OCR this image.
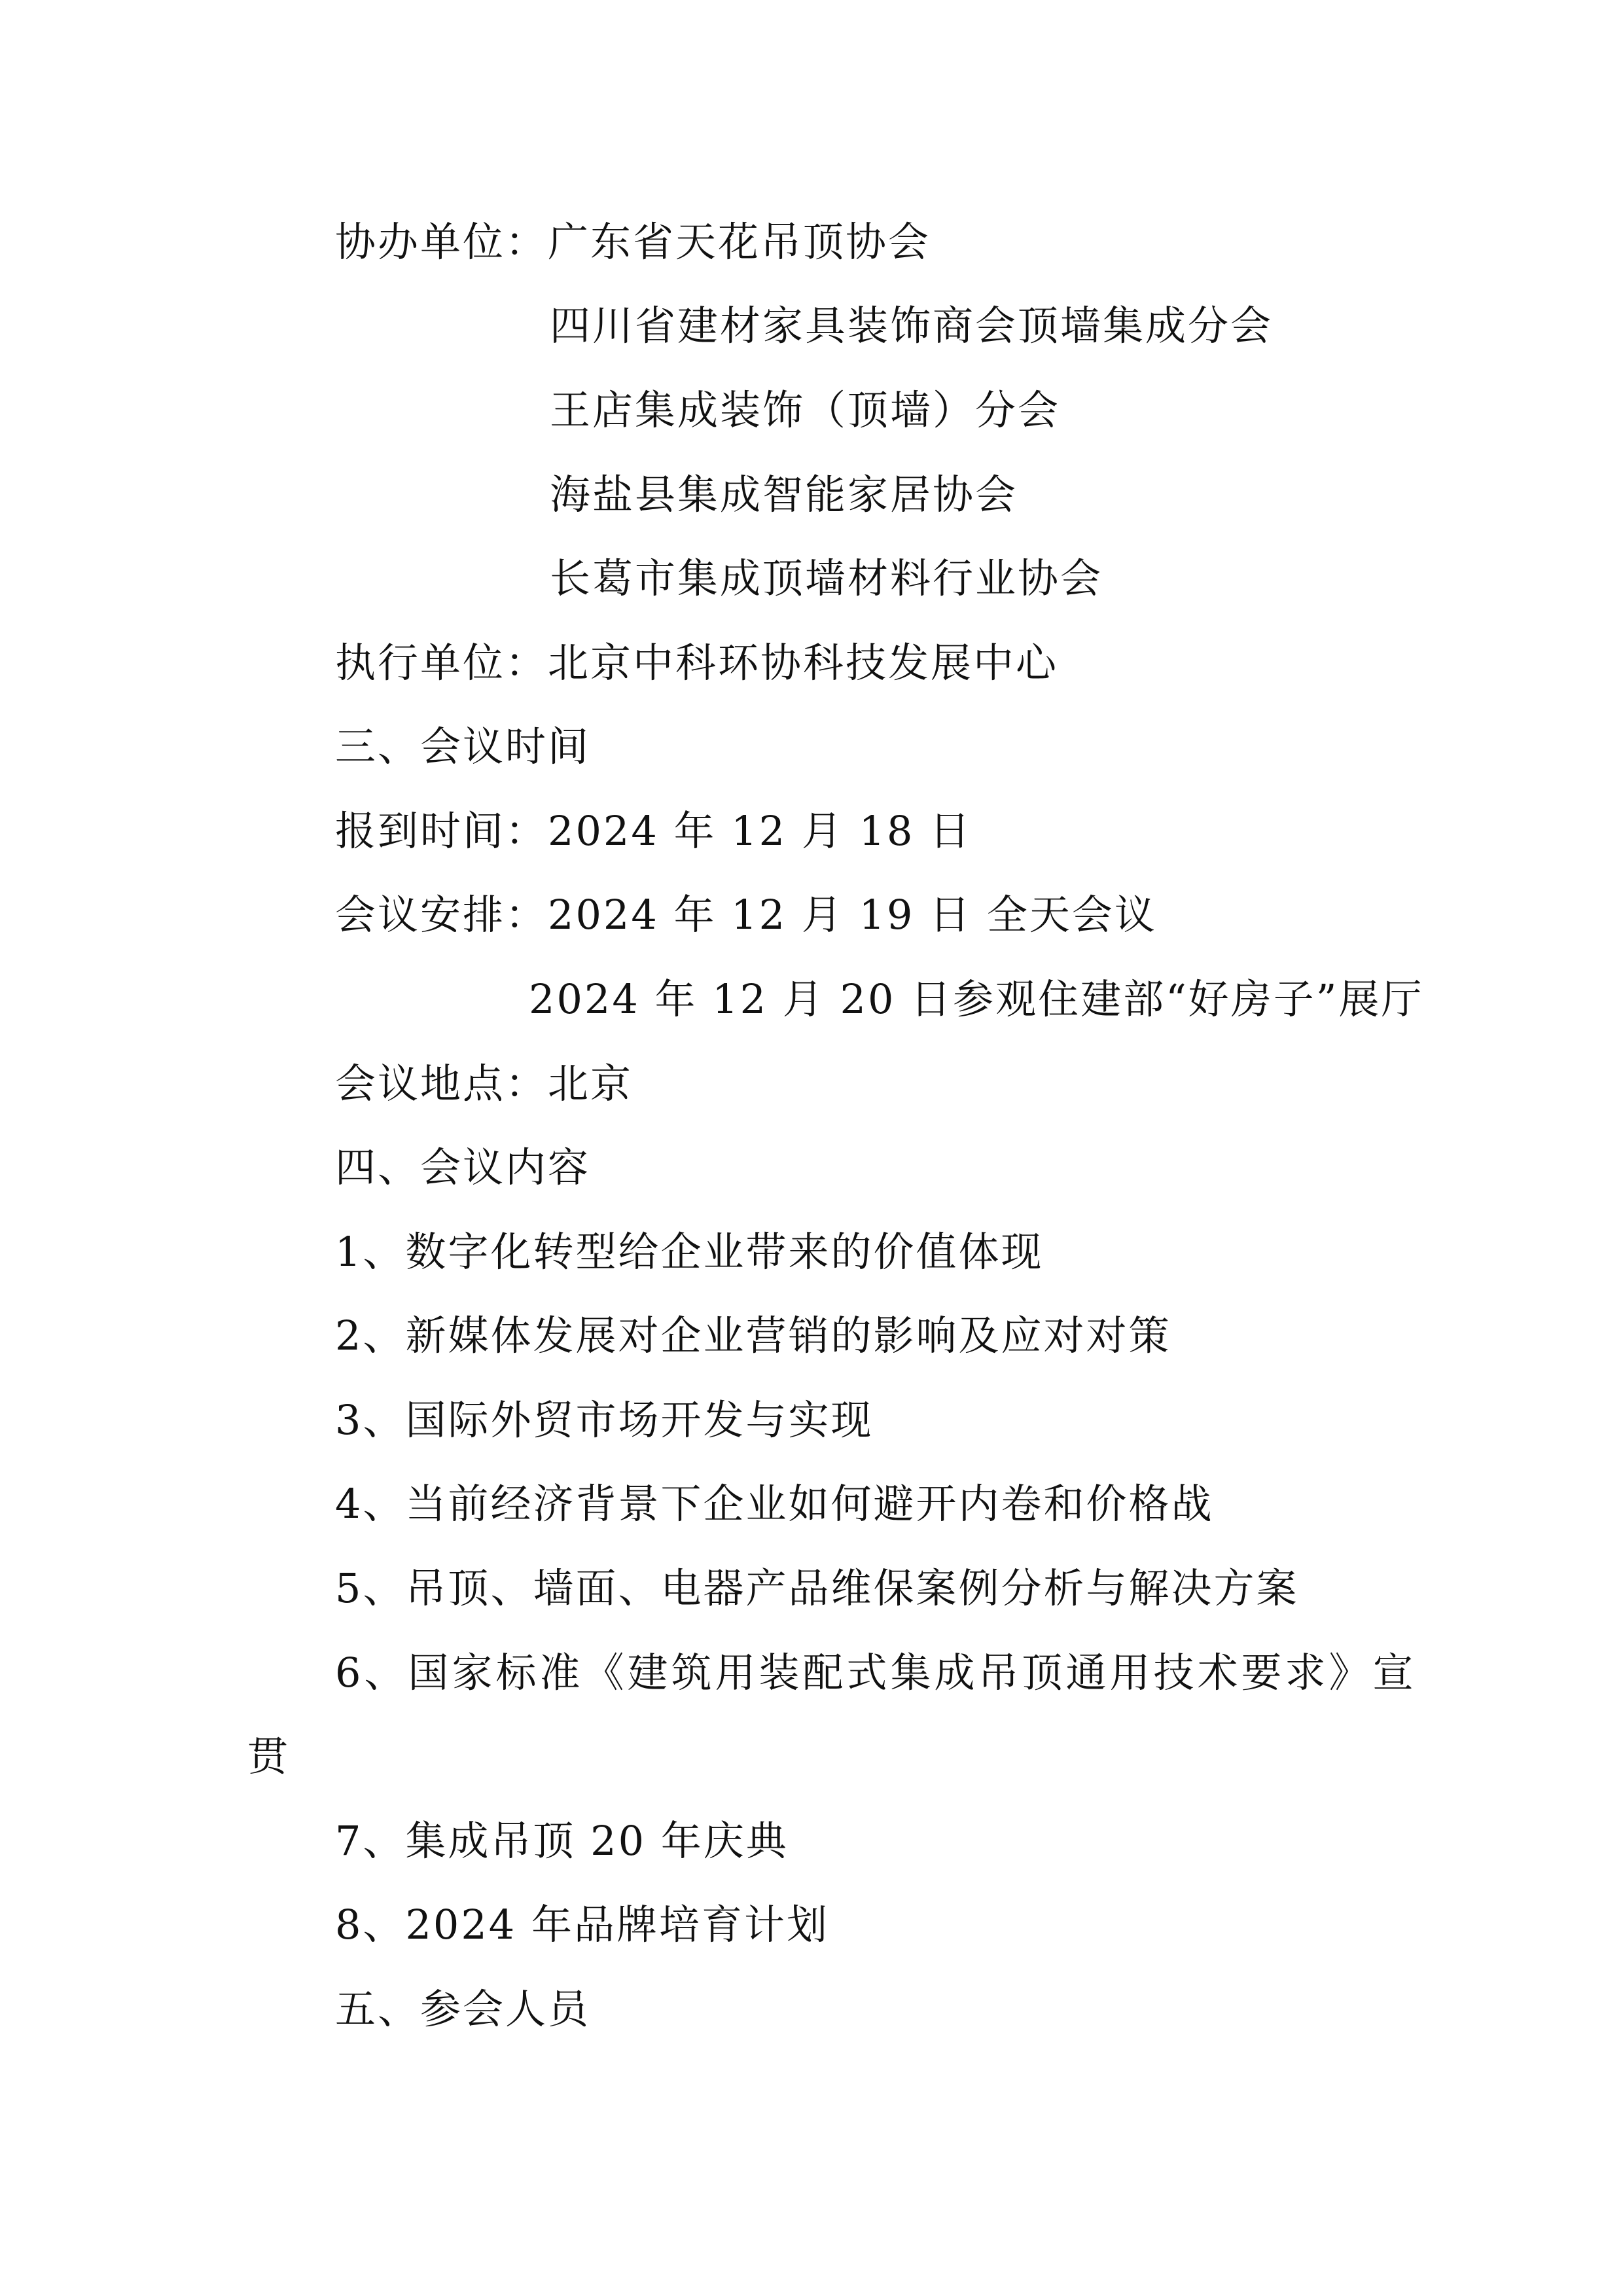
协办单位：广东省天花吊顶协会
四川省建材家具装饰商会顶墙集成分会
王店集成装饰（顶墙）分会
海盐县集成智能家居协会
长葛市集成顶墙材料行业协会
执行单位：北京中科环协科技发展中心
三、会议时间
报到时间：2024 年 12 月 18 日
会议安排：2024 年 12 月 19 日 全天会议
2024 年 12 月 20 日参观住建部“好房子”展厅
会议地点：北京
四、会议内容
1、数字化转型给企业带来的价值体现
2、新媒体发展对企业营销的影响及应对对策
3、国际外贸市场开发与实现
4、当前经济背景下企业如何避开内卷和价格战
5、吊顶、墙面、电器产品维保案例分析与解决方案
6、国家标准《建筑用装配式集成吊顶通用技术要求》宣
贯
7、集成吊顶 20 年庆典
8、2024 年品牌培育计划
五、参会人员
